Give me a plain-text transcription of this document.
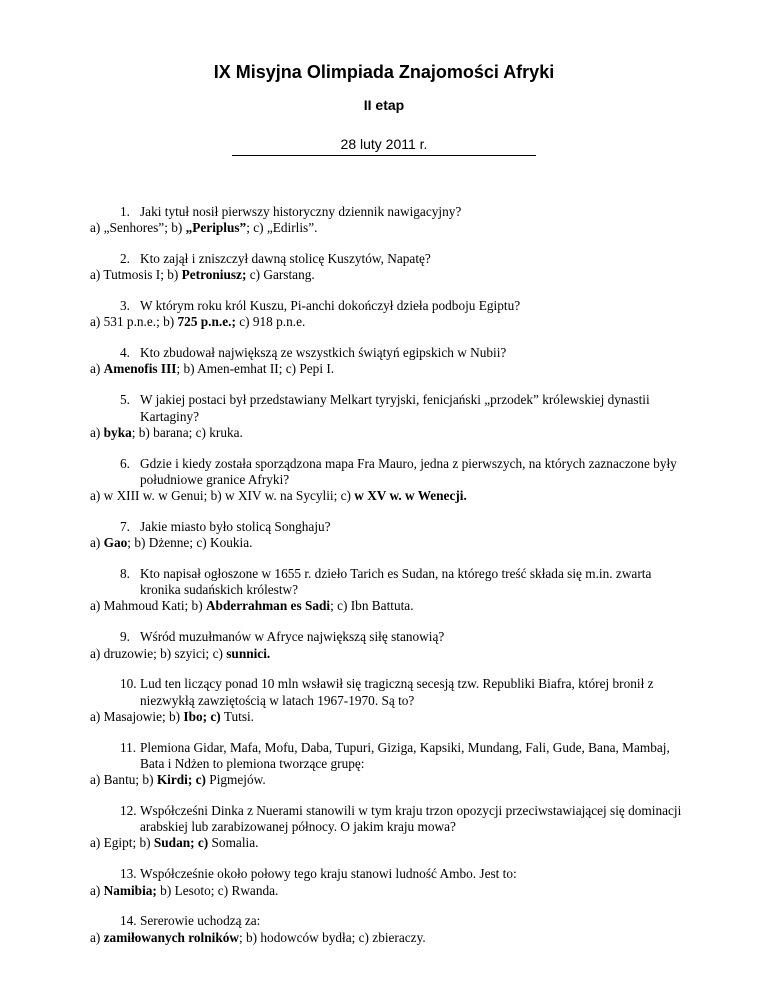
IX Misyjna Olimpiada Znajomości Afryki
II etap
28 luty 2011 r.
1. Jaki tytuł nosił pierwszy historyczny dziennik nawigacyjny?
a) „Senhores”; b) „Periplus”; c) „Edirlis”.
2. Kto zajął i zniszczył dawną stolicę Kuszytów, Napatę?
a) Tutmosis I; b) Petroniusz; c) Garstang.
3. W którym roku król Kuszu, Pi-anchi dokończył dzieła podboju Egiptu?
a) 531 p.n.e.; b) 725 p.n.e.; c) 918 p.n.e.
4. Kto zbudował największą ze wszystkich świątyń egipskich w Nubii?
a) Amenofis III; b) Amen-emhat II; c) Pepi I.
5. W jakiej postaci był przedstawiany Melkart tyryjski, fenicjański „przodek” królewskiej dynastii Kartaginy?
a) byka; b) barana; c) kruka.
6. Gdzie i kiedy została sporządzona mapa Fra Mauro, jedna z pierwszych, na których zaznaczone były południowe granice Afryki?
a) w XIII w. w Genui; b) w XIV w. na Sycylii; c) w XV w. w Wenecji.
7. Jakie miasto było stolicą Songhaju?
a) Gao; b) Dżenne; c) Koukia.
8. Kto napisał ogłoszone w 1655 r. dzieło Tarich es Sudan, na którego treść składa się m.in. zwarta kronika sudańskich królestw?
a) Mahmoud Kati; b) Abderrahman es Sadi; c) Ibn Battuta.
9. Wśród muzułmanów w Afryce największą siłę stanowią?
a) druzowie; b) szyici; c) sunnici.
10. Lud ten liczący ponad 10 mln wsławił się tragiczną secesją tzw. Republiki Biafra, której bronił z niezwykłą zawziętością w latach 1967-1970. Są to?
a) Masajowie; b) Ibo; c) Tutsi.
11. Plemiona Gidar, Mafa, Mofu, Daba, Tupuri, Giziga, Kapsiki, Mundang, Fali, Gude, Bana, Mambaj, Bata i Ndżen to plemiona tworzące grupę:
a) Bantu; b) Kirdi; c) Pigmejów.
12. Współcześni Dinka z Nuerami stanowili w tym kraju trzon opozycji przeciwstawiającej się dominacji arabskiej lub zarabizowanej północy. O jakim kraju mowa?
a) Egipt; b) Sudan; c) Somalia.
13. Współcześnie około połowy tego kraju stanowi ludność Ambo. Jest to:
a) Namibia; b) Lesoto; c) Rwanda.
14. Sererowie uchodzą za:
a) zamiłowanych rolników; b) hodowców bydła; c) zbieraczy.
